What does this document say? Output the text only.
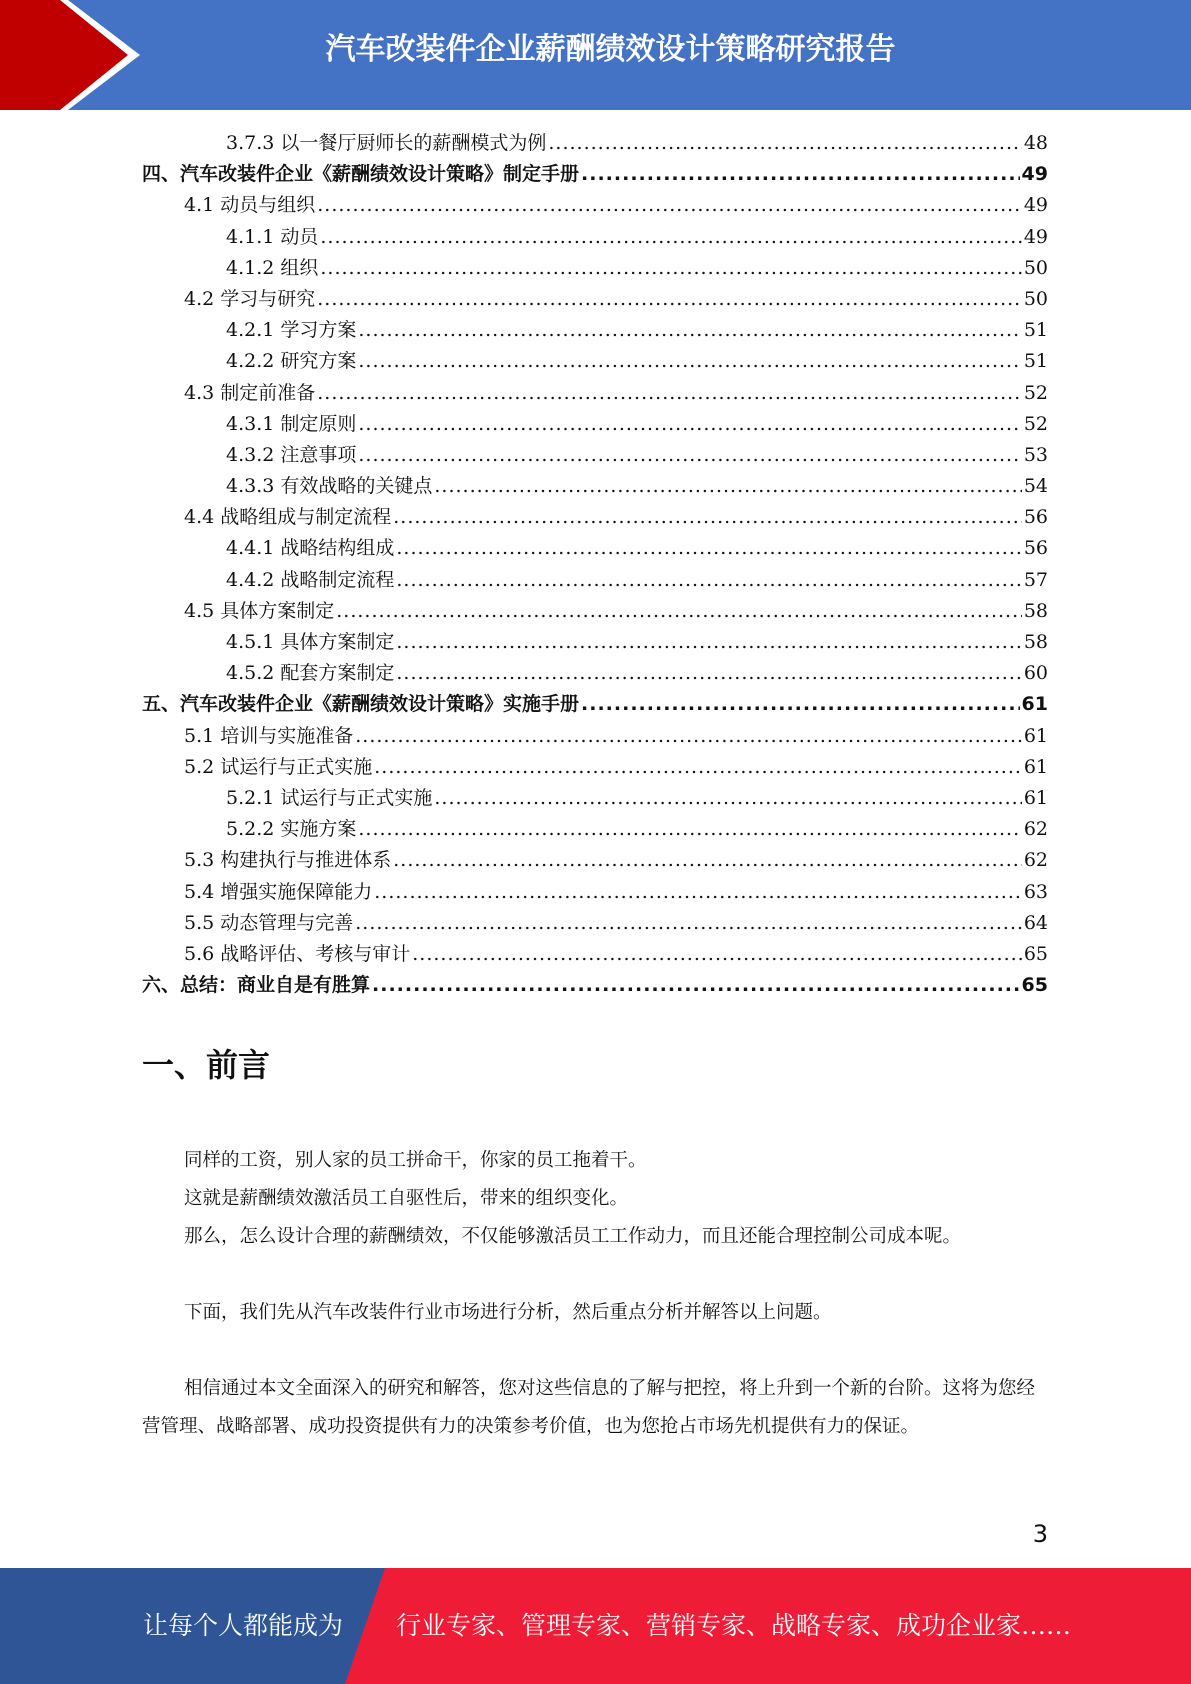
汽车改装件企业薪酬绩效设计策略研究报告
3.7.3 以一餐厅厨师长的薪酬模式为例 .....	48
四、汽车改装件企业《薪酬绩效设计策略》制定手册 .....	49
4.1 动员与组织 .....	49
4.1.1 动员 .....	49
4.1.2 组织 .....	50
4.2 学习与研究 .....	50
4.2.1 学习方案 .....	51
4.2.2 研究方案 .....	51
4.3 制定前准备 .....	52
4.3.1 制定原则 .....	52
4.3.2 注意事项 .....	53
4.3.3 有效战略的关键点 .....	54
4.4 战略组成与制定流程 .....	56
4.4.1 战略结构组成 .....	56
4.4.2 战略制定流程 .....	57
4.5 具体方案制定 .....	58
4.5.1 具体方案制定 .....	58
4.5.2 配套方案制定 .....	60
五、汽车改装件企业《薪酬绩效设计策略》实施手册 .....	61
5.1 培训与实施准备 .....	61
5.2 试运行与正式实施 .....	61
5.2.1 试运行与正式实施 .....	61
5.2.2 实施方案 .....	62
5.3 构建执行与推进体系 .....	62
5.4 增强实施保障能力 .....	63
5.5 动态管理与完善 .....	64
5.6 战略评估、考核与审计 .....	65
六、总结：商业自是有胜算 .....	65
一、前言

同样的工资，别人家的员工拼命干，你家的员工拖着干。

这就是薪酬绩效激活员工自驱性后，带来的组织变化。

那么，怎么设计合理的薪酬绩效，不仅能够激活员工工作动力，而且还能合理控制公司成本呢。

下面，我们先从汽车改装件行业市场进行分析，然后重点分析并解答以上问题。

相信通过本文全面深入的研究和解答，您对这些信息的了解与把控，将上升到一个新的台阶。这将为您经营管理、战略部署、成功投资提供有力的决策参考价值，也为您抢占市场先机提供有力的保证。

3
让每个人都能成为 行业专家、管理专家、营销专家、战略专家、成功企业家……
